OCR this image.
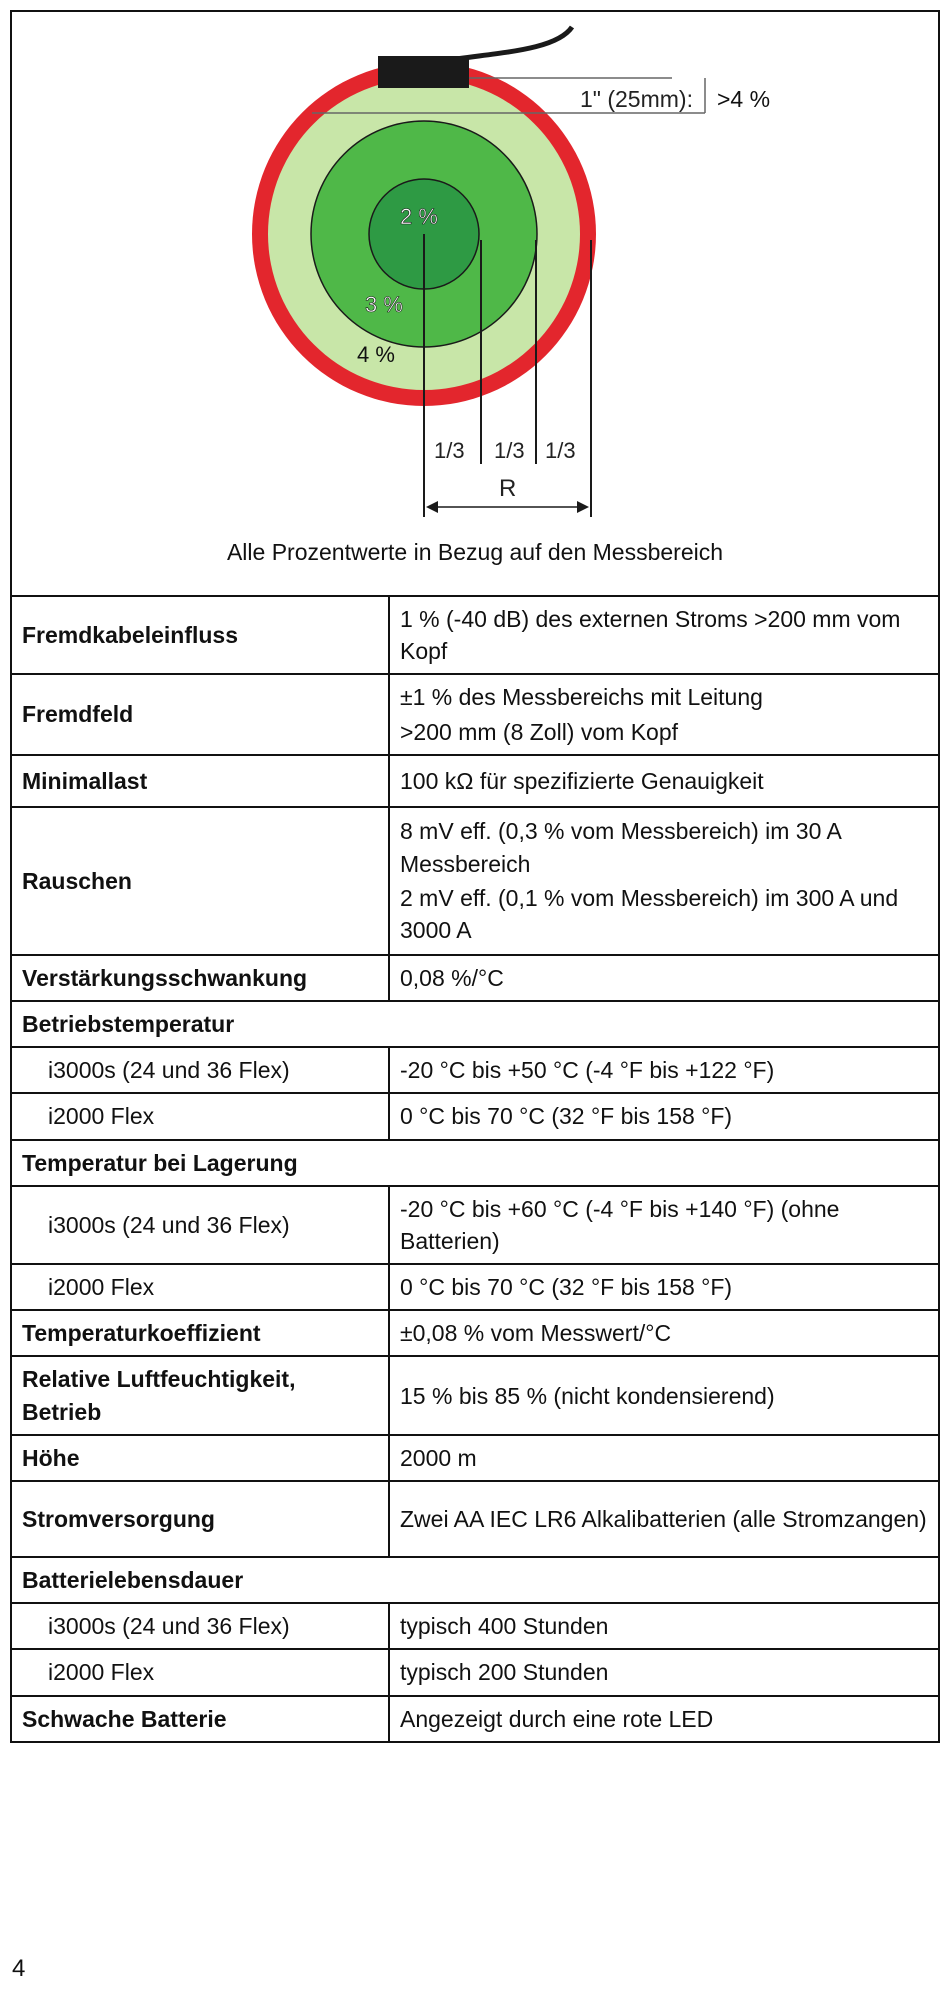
1" (25mm): >4 %
2 %
3 %
4 %
1/3 1/3 1/3
R
Alle Prozentwerte in Bezug auf den Messbereich
Fremdkabeleinfluss	1 % (-40 dB) des externen Stroms >200 mm vom Kopf

Fremdfeld	±1 % des Messbereichs mit Leitung

>200 mm (8 Zoll) vom Kopf

Minimallast	100 kΩ für spezifizierte Genauigkeit

Rauschen	8 mV eff. (0,3 % vom Messbereich) im 30 A Messbereich

2 mV eff. (0,1 % vom Messbereich) im 300 A und 3000 A

Verstärkungsschwankung	0,08 %/°C

Betriebstemperatur	
i3000s (24 und 36 Flex)	-20 °C bis +50 °C (-4 °F bis +122 °F)

i2000 Flex	0 °C bis 70 °C (32 °F bis 158 °F)

Temperatur bei Lagerung	
i3000s (24 und 36 Flex)	-20 °C bis +60 °C (-4 °F bis +140 °F) (ohne Batterien)

i2000 Flex	0 °C bis 70 °C (32 °F bis 158 °F)

Temperaturkoeffizient	±0,08 % vom Messwert/°C

Relative Luftfeuchtigkeit, Betrieb	15 % bis 85 % (nicht kondensierend)

Höhe	2000 m

Stromversorgung	Zwei AA IEC LR6 Alkalibatterien (alle Stromzangen)

Batterielebensdauer	
i3000s (24 und 36 Flex)	typisch 400 Stunden

i2000 Flex	typisch 200 Stunden

Schwache Batterie	Angezeigt durch eine rote LED

4
